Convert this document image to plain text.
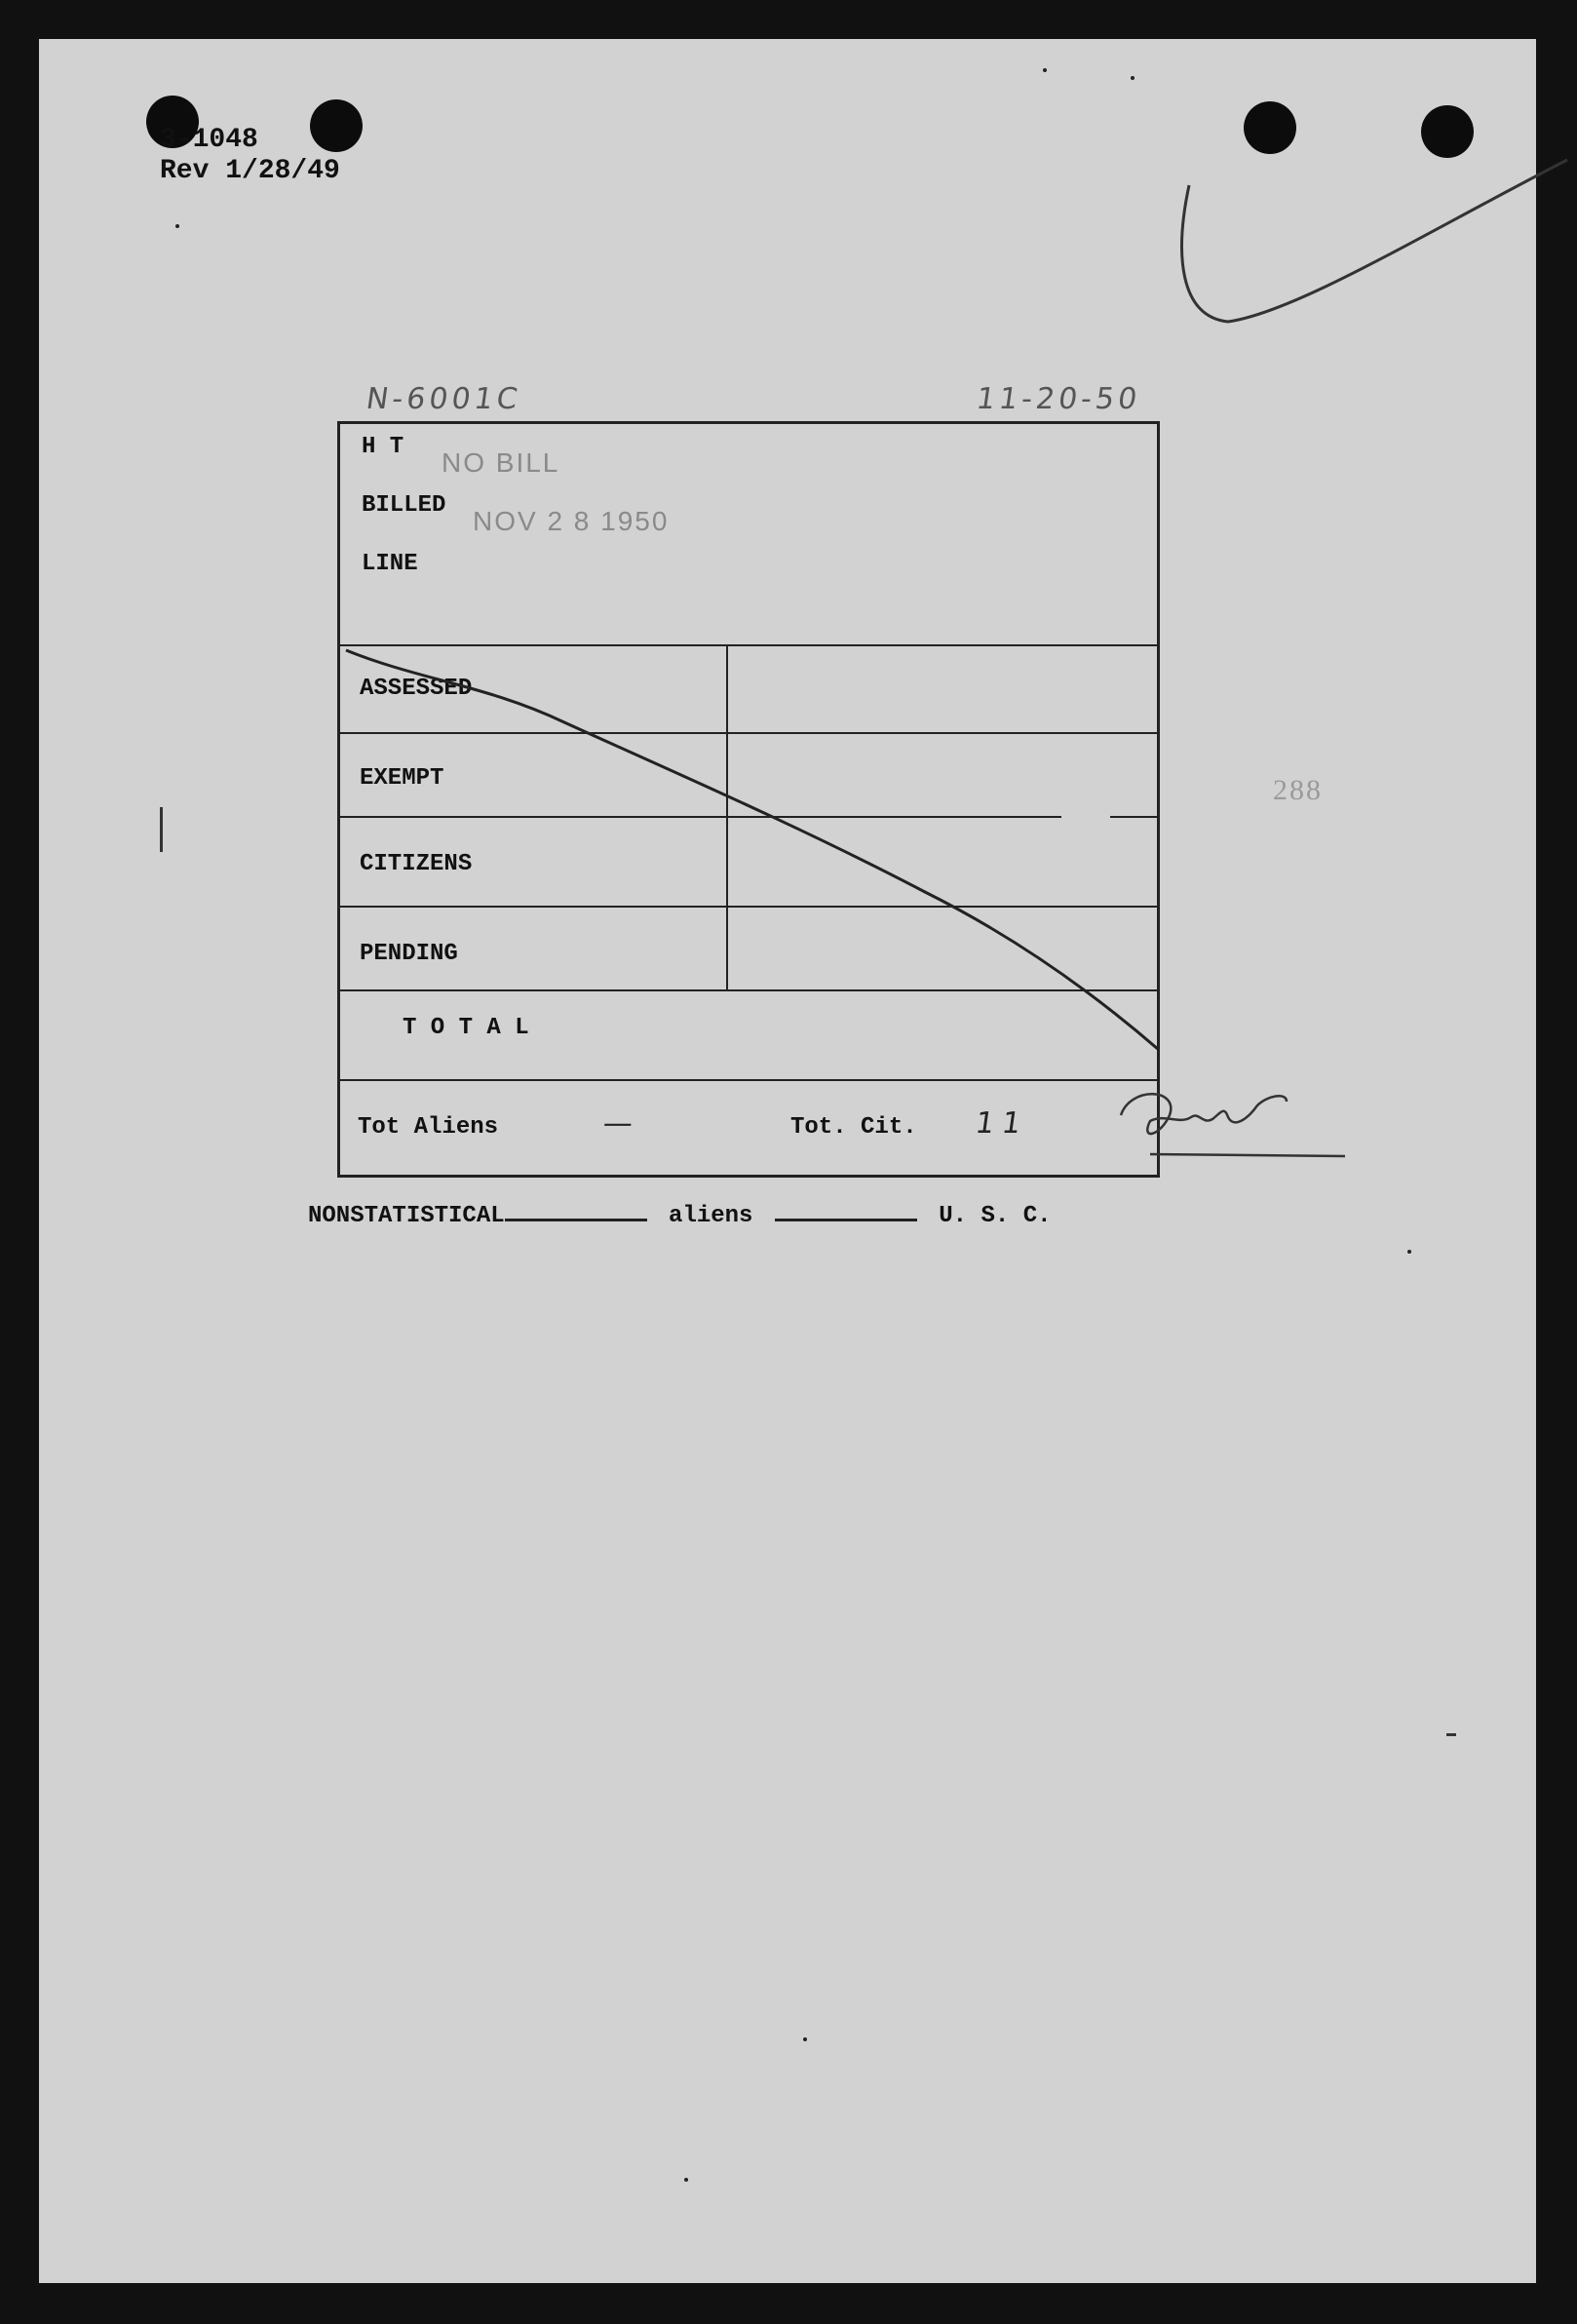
3-1048
Rev 1/28/49
N-6001C	11-20-50
288
H T
NO BILL
BILLED
NOV 2 8 1950
LINE
ASSESSED
EXEMPT
CITIZENS
PENDING
T O T A L
Tot Aliens	—	Tot. Cit. 11
NONSTATISTICAL	aliens	U. S. C.
